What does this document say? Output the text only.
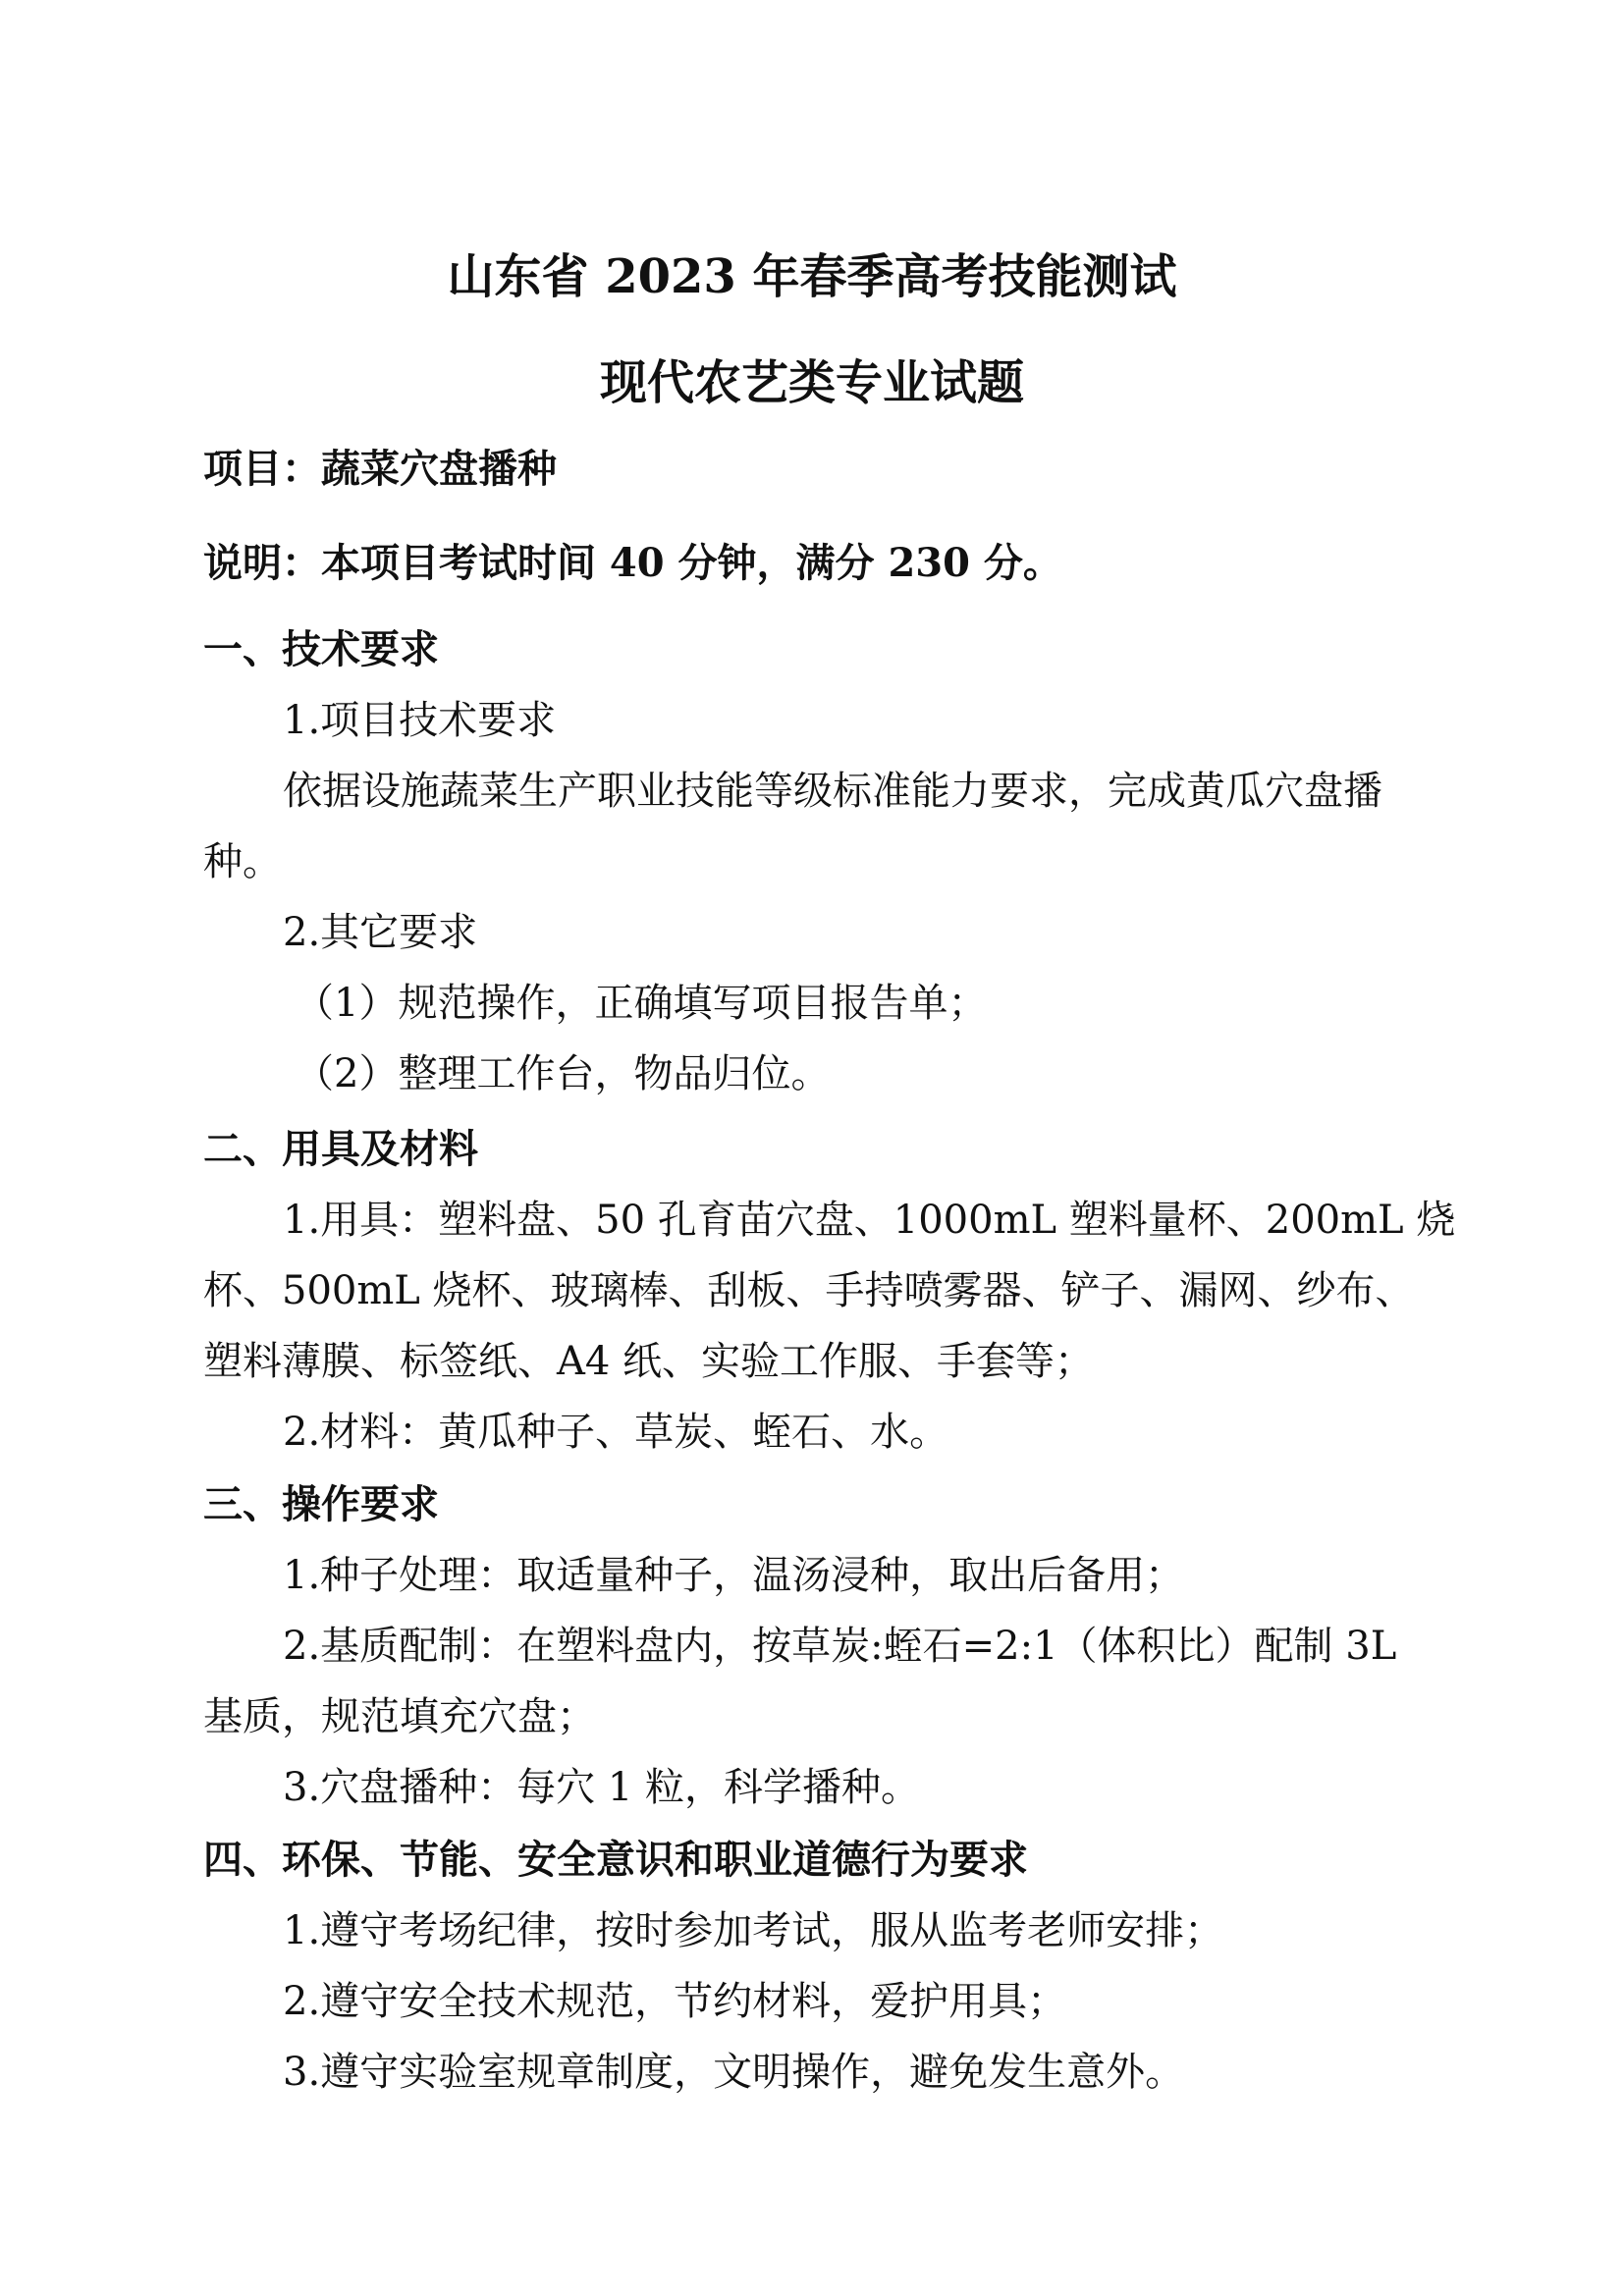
山东省 2023 年春季高考技能测试
现代农艺类专业试题
项目：蔬菜穴盘播种
说明：本项目考试时间 40 分钟，满分 230 分。
一、技术要求
1.项目技术要求
依据设施蔬菜生产职业技能等级标准能力要求，完成黄瓜穴盘播
种。
2.其它要求
（1）规范操作，正确填写项目报告单；
（2）整理工作台，物品归位。
二、用具及材料
1.用具：塑料盘、50 孔育苗穴盘、1000mL 塑料量杯、200mL 烧
杯、500mL 烧杯、玻璃棒、刮板、手持喷雾器、铲子、漏网、纱布、
塑料薄膜、标签纸、A4 纸、实验工作服、手套等；
2.材料：黄瓜种子、草炭、蛭石、水。
三、操作要求
1.种子处理：取适量种子，温汤浸种，取出后备用；
2.基质配制：在塑料盘内，按草炭:蛭石=2:1（体积比）配制 3L
基质，规范填充穴盘；
3.穴盘播种：每穴 1 粒，科学播种。
四、环保、节能、安全意识和职业道德行为要求
1.遵守考场纪律，按时参加考试，服从监考老师安排；
2.遵守安全技术规范，节约材料，爱护用具；
3.遵守实验室规章制度，文明操作，避免发生意外。
